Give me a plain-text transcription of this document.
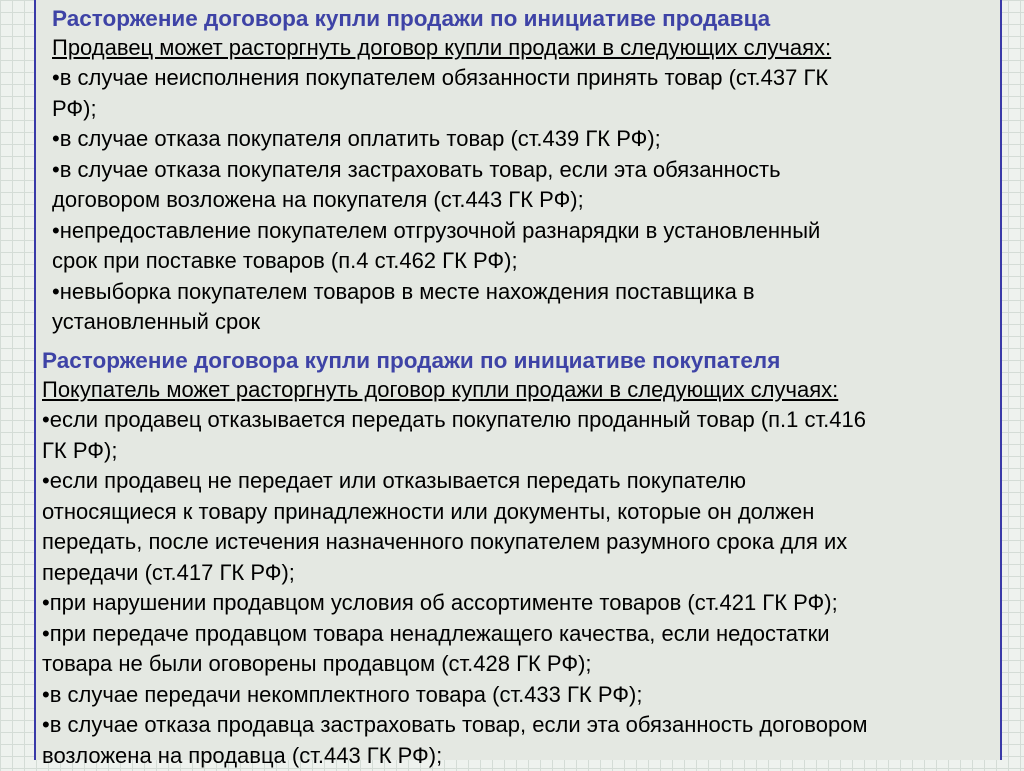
Расторжение договора купли продажи по инициативе продавца
Продавец может расторгнуть договор купли продажи в следующих случаях:
•в случае неисполнения покупателем обязанности принять товар (ст.437 ГК
РФ);
•в случае отказа покупателя оплатить товар (ст.439 ГК РФ);
•в случае отказа покупателя застраховать товар, если эта обязанность
договором возложена на покупателя (ст.443 ГК РФ);
•непредоставление покупателем отгрузочной разнарядки в установленный
срок при поставке товаров (п.4 ст.462 ГК РФ);
•невыборка покупателем товаров в месте нахождения поставщика в
установленный срок
Расторжение договора купли продажи по инициативе покупателя
Покупатель может расторгнуть договор купли продажи в следующих случаях:
•если продавец отказывается передать покупателю проданный товар (п.1 ст.416
ГК РФ);
•если продавец не передает или отказывается передать покупателю
относящиеся к товару принадлежности или документы, которые он должен
передать, после истечения назначенного покупателем разумного срока для их
передачи (ст.417 ГК РФ);
•при нарушении продавцом условия об ассортименте товаров (ст.421 ГК РФ);
•при передаче продавцом товара ненадлежащего качества, если недостатки
товара не были оговорены продавцом (ст.428 ГК РФ);
•в случае передачи некомплектного товара (ст.433 ГК РФ);
•в случае отказа продавца застраховать товар, если эта обязанность договором
возложена на продавца (ст.443 ГК РФ);
